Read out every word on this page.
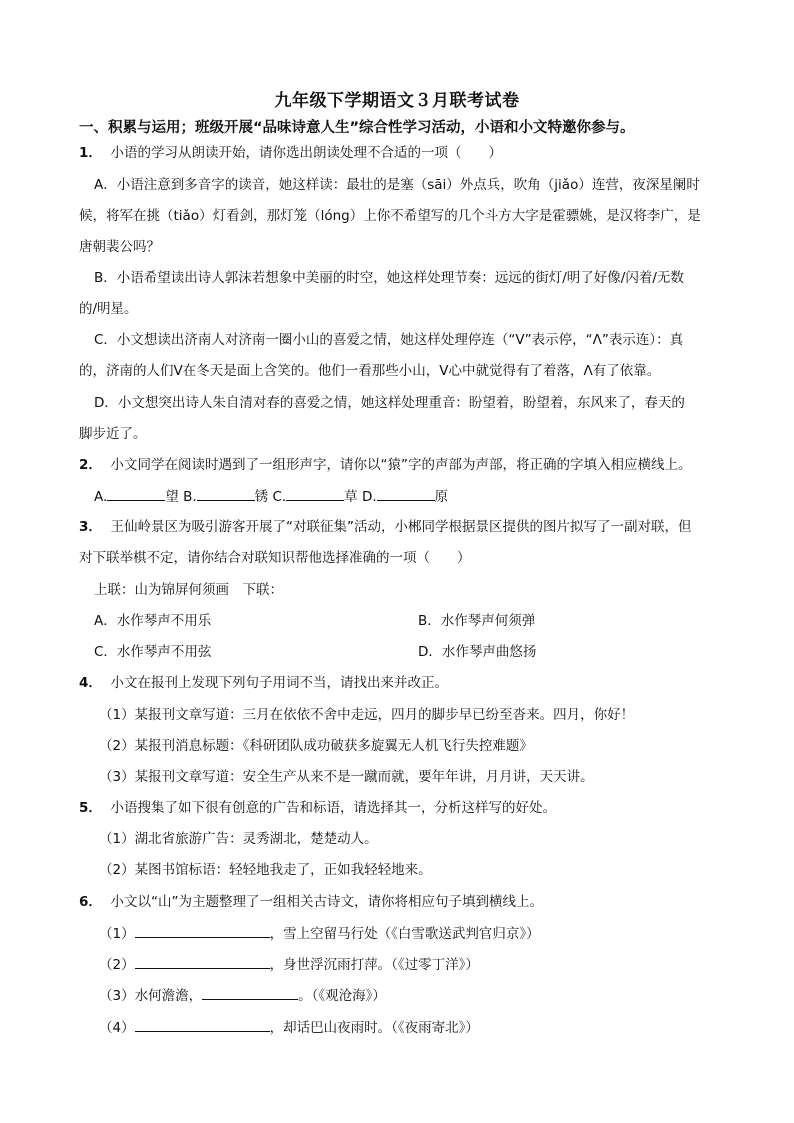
九年级下学期语文３月联考试卷
一、积累与运用；班级开展“品味诗意人生”综合性学习活动，小语和小文特邀你参与。
1． 小语的学习从朗读开始，请你选出朗读处理不合适的一项（　　）
A．小语注意到多音字的读音，她这样读：最壮的是塞（sāi）外点兵，吹角（jiǎo）连营，夜深星阑时
候，将军在挑（tiǎo）灯看剑，那灯笼（lóng）上你不希望写的几个斗方大字是霍骠姚，是汉将李广，是
唐朝裴公吗？
B．小语希望读出诗人郭沫若想象中美丽的时空，她这样处理节奏：远远的街灯/明了好像/闪着/无数
的/明星。
C．小文想读出济南人对济南一圈小山的喜爱之情，她这样处理停连（“V”表示停，“Λ”表示连）：真
的，济南的人们V在冬天是面上含笑的。他们一看那些小山，V心中就觉得有了着落，Λ有了依靠。
D．小文想突出诗人朱自清对春的喜爱之情，她这样处理重音：盼望着，盼望着，东风来了，春天的
脚步近了。
2． 小文同学在阅读时遇到了一组形声字，请你以“猿”字的声部为声部，将正确的字填入相应横线上。
A.	望 B.	锈 C.	草 D.	原
3． 王仙岭景区为吸引游客开展了“对联征集”活动，小郴同学根据景区提供的图片拟写了一副对联，但
对下联举棋不定，请你结合对联知识帮他选择准确的一项（　　）
上联：山为锦屏何须画　下联：
A．水作琴声不用乐	B．水作琴声何须弹
C．水作琴声不用弦	D．水作琴声曲悠扬
4． 小文在报刊上发现下列句子用词不当，请找出来并改正。
（1）某报刊文章写道：三月在依依不舍中走远，四月的脚步早已纷至沓来。四月，你好！
（2）某报刊消息标题：《科研团队成功破获多旋翼无人机飞行失控难题》
（3）某报刊文章写道：安全生产从来不是一蹴而就，要年年讲，月月讲，天天讲。
5． 小语搜集了如下很有创意的广告和标语，请选择其一，分析这样写的好处。
（1）湖北省旅游广告：灵秀湖北，楚楚动人。
（2）某图书馆标语：轻轻地我走了，正如我轻轻地来。
6． 小文以“山”为主题整理了一组相关古诗文，请你将相应句子填到横线上。
（1）	，雪上空留马行处（《白雪歌送武判官归京》）
（2）	，身世浮沉雨打萍。（《过零丁洋》）
（3）水何澹澹，	。（《观沧海》）
（4）	，却话巴山夜雨时。（《夜雨寄北》）
